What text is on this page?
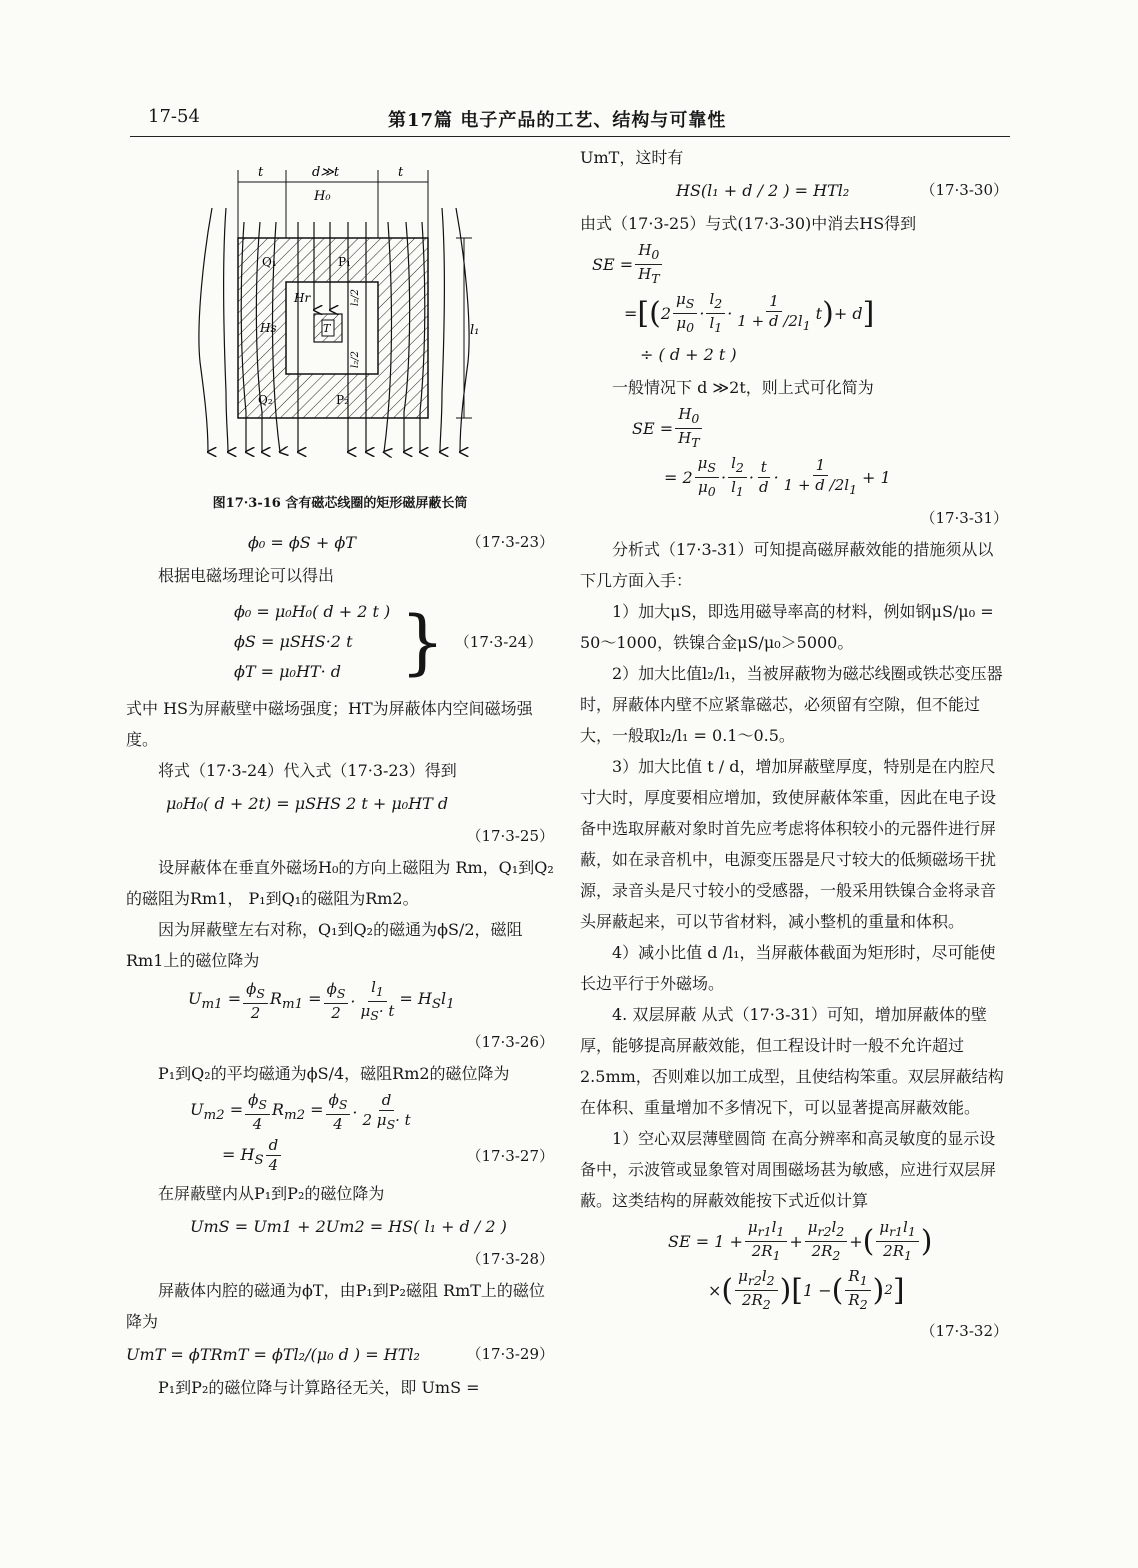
17-54	第17篇 电子产品的工艺、结构与可靠性
t	d≫t	t
H₀
T	l₁
Q₁	P₁
Q₂	P₂
Hr
Hs
l₂/2
l₂/2
图17·3-16 含有磁芯线圈的矩形磁屏蔽长筒
ϕ₀ = ϕS + ϕT	（17·3-23）

根据电磁场理论可以得出

ϕ₀ = μ₀H₀( d + 2 t )
ϕS = μSHS·2 t
ϕT = μ₀HT· d } （17·3-24）

式中 HS为屏蔽壁中磁场强度；HT为屏蔽体内空间磁场强度。

将式（17·3-24）代入式（17·3-23）得到

μ₀H₀( d + 2t) = μSHS 2 t + μ₀HT d
（17·3-25）

设屏蔽体在垂直外磁场H₀的方向上磁阻为 Rm，Q₁到Q₂的磁阻为Rm1， P₁到Q₁的磁阻为Rm2。

因为屏蔽壁左右对称，Q₁到Q₂的磁通为ϕS/2，磁阻Rm1上的磁位降为

$U_{m1} = \frac{\phi_S}{2} R_{m1} = \frac{\phi_S}{2} \cdot \frac{l_1}{\mu_S\cdot t} = H_Sl_1$
（17·3-26）

P₁到Q₂的平均磁通为ϕS/4，磁阻Rm2的磁位降为

$U_{m2} = \frac{\phi_S}{4} R_{m2} = \frac{\phi_S}{4}$ ·
d
2 $\mu_S\cdot t$
= $H_S \frac{d}{4}$	（17·3-27）

在屏蔽壁内从P₁到P₂的磁位降为

UmS = Um1 + 2Um2 = HS( l₁ + d / 2 )
（17·3-28）

屏蔽体内腔的磁通为ϕT，由P₁到P₂磁阻 RmT上的磁位降为

UmT = ϕTRmT = ϕTl₂/(μ₀ d ) = HTl₂	（17·3-29）

P₁到P₂的磁位降与计算路径无关，即 UmS =

UmT，这时有

HS(l₁ + d / 2 ) = HTl₂	（17·3-30）

由式（17·3-25）与式(17·3-30)中消去HS得到

SE = $\frac{H_0}{H_T}$
= [( 2
$\mu_S$
$\mu_0$
·
$l_2$
$l_1$
·
1
1 + d $/2l_1$
t ) + d ]
÷ ( d + 2 t )

一般情况下 d ≫2t，则上式可化简为

SE = $\frac{H_0}{H_T}$
= 2
$\mu_S$
$\mu_0$
·
$l_2$
$l_1$
·
t
d ·
1
1 + d $/2l_1$
+ 1
（17·3-31）

分析式（17·3-31）可知提高磁屏蔽效能的措施须从以下几方面入手：

1）加大μS，即选用磁导率高的材料，例如钢μS/μ₀ = 50～1000，铁镍合金μS/μ₀＞5000。

2）加大比值l₂/l₁，当被屏蔽物为磁芯线圈或铁芯变压器时，屏蔽体内壁不应紧靠磁芯，必须留有空隙，但不能过大，一般取l₂/l₁ = 0.1～0.5。

3）加大比值 t / d，增加屏蔽壁厚度，特别是在内腔尺寸大时，厚度要相应增加，致使屏蔽体笨重，因此在电子设备中选取屏蔽对象时首先应考虑将体积较小的元器件进行屏蔽，如在录音机中，电源变压器是尺寸较大的低频磁场干扰源，录音头是尺寸较小的受感器，一般采用铁镍合金将录音头屏蔽起来，可以节省材料，减小整机的重量和体积。

4）减小比值 d /l₁，当屏蔽体截面为矩形时，尽可能使长边平行于外磁场。

4. 双层屏蔽 从式（17·3-31）可知，增加屏蔽体的壁厚，能够提高屏蔽效能，但工程设计时一般不允许超过2.5mm，否则难以加工成型，且使结构笨重。双层屏蔽结构在体积、重量增加不多情况下，可以显著提高屏蔽效能。

1）空心双层薄壁圆筒 在高分辨率和高灵敏度的显示设备中，示波管或显象管对周围磁场甚为敏感，应进行双层屏蔽。这类结构的屏蔽效能按下式近似计算

SE = $1 + \frac{\mu_{r1}l_1}{2R_1} + \frac{\mu_{r2}l_2}{2R_2}$ + ( $\mu_{r1}l_1$
$2R_1$ )
× ( $\mu_{r2}l_2$
$2R_2$ )[ 1 − ( $R_1$
$R_2$ ) 2 ]
（17·3-32）
